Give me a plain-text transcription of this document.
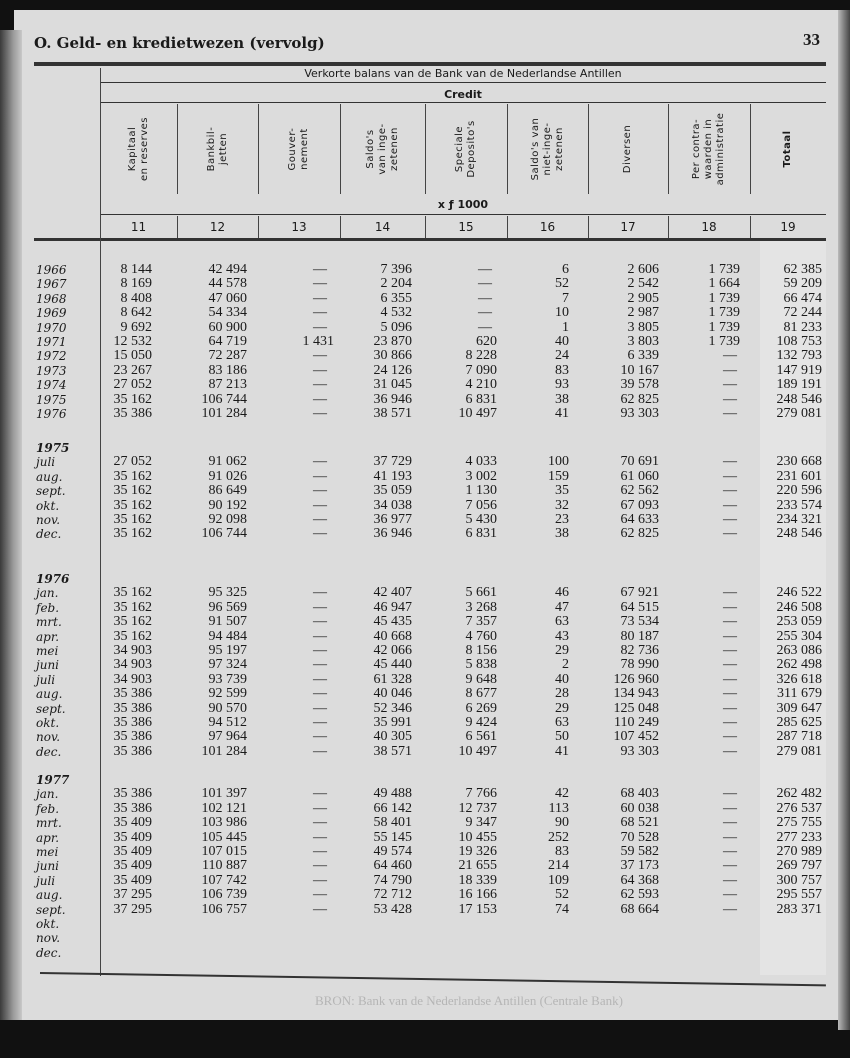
O. Geld- en kredietwezen (vervolg)	33
Verkorte balans van de Bank van de Nederlandse Antillen
Credit
x ƒ 1000
Kapitaal
en reserves
11
Bankbil-
jetten
12
Gouver-
nement
13
Saldo's
van inge-
zetenen
14
Speciale
Deposito's
15
Saldo's van
niet-inge-
zetenen
16
Diversen
17
Per contra-
waarden in
administratie
18
Totaal
19
1966	8 144	42 494	—	7 396	—	6	2 606	1 739	62 385
1967	8 169	44 578	—	2 204	—	52	2 542	1 664	59 209
1968	8 408	47 060	—	6 355	—	7	2 905	1 739	66 474
1969	8 642	54 334	—	4 532	—	10	2 987	1 739	72 244
1970	9 692	60 900	—	5 096	—	1	3 805	1 739	81 233
1971	12 532	64 719	1 431	23 870	620	40	3 803	1 739	108 753
1972	15 050	72 287	—	30 866	8 228	24	6 339	—	132 793
1973	23 267	83 186	—	24 126	7 090	83	10 167	—	147 919
1974	27 052	87 213	—	31 045	4 210	93	39 578	—	189 191
1975	35 162	106 744	—	36 946	6 831	38	62 825	—	248 546
1976	35 386	101 284	—	38 571	10 497	41	93 303	—	279 081
1975
juli	27 052	91 062	—	37 729	4 033	100	70 691	—	230 668
aug.	35 162	91 026	—	41 193	3 002	159	61 060	—	231 601
sept.	35 162	86 649	—	35 059	1 130	35	62 562	—	220 596
okt.	35 162	90 192	—	34 038	7 056	32	67 093	—	233 574
nov.	35 162	92 098	—	36 977	5 430	23	64 633	—	234 321
dec.	35 162	106 744	—	36 946	6 831	38	62 825	—	248 546
1976
jan.	35 162	95 325	—	42 407	5 661	46	67 921	—	246 522
feb.	35 162	96 569	—	46 947	3 268	47	64 515	—	246 508
mrt.	35 162	91 507	—	45 435	7 357	63	73 534	—	253 059
apr.	35 162	94 484	—	40 668	4 760	43	80 187	—	255 304
mei	34 903	95 197	—	42 066	8 156	29	82 736	—	263 086
juni	34 903	97 324	—	45 440	5 838	2	78 990	—	262 498
juli	34 903	93 739	—	61 328	9 648	40	126 960	—	326 618
aug.	35 386	92 599	—	40 046	8 677	28	134 943	—	311 679
sept.	35 386	90 570	—	52 346	6 269	29	125 048	—	309 647
okt.	35 386	94 512	—	35 991	9 424	63	110 249	—	285 625
nov.	35 386	97 964	—	40 305	6 561	50	107 452	—	287 718
dec.	35 386	101 284	—	38 571	10 497	41	93 303	—	279 081
1977
jan.	35 386	101 397	—	49 488	7 766	42	68 403	—	262 482
feb.	35 386	102 121	—	66 142	12 737	113	60 038	—	276 537
mrt.	35 409	103 986	—	58 401	9 347	90	68 521	—	275 755
apr.	35 409	105 445	—	55 145	10 455	252	70 528	—	277 233
mei	35 409	107 015	—	49 574	19 326	83	59 582	—	270 989
juni	35 409	110 887	—	64 460	21 655	214	37 173	—	269 797
juli	35 409	107 742	—	74 790	18 339	109	64 368	—	300 757
aug.	37 295	106 739	—	72 712	16 166	52	62 593	—	295 557
sept.	37 295	106 757	—	53 428	17 153	74	68 664	—	283 371
okt.
nov.
dec.
BRON: Bank van de Nederlandse Antillen (Centrale Bank)
